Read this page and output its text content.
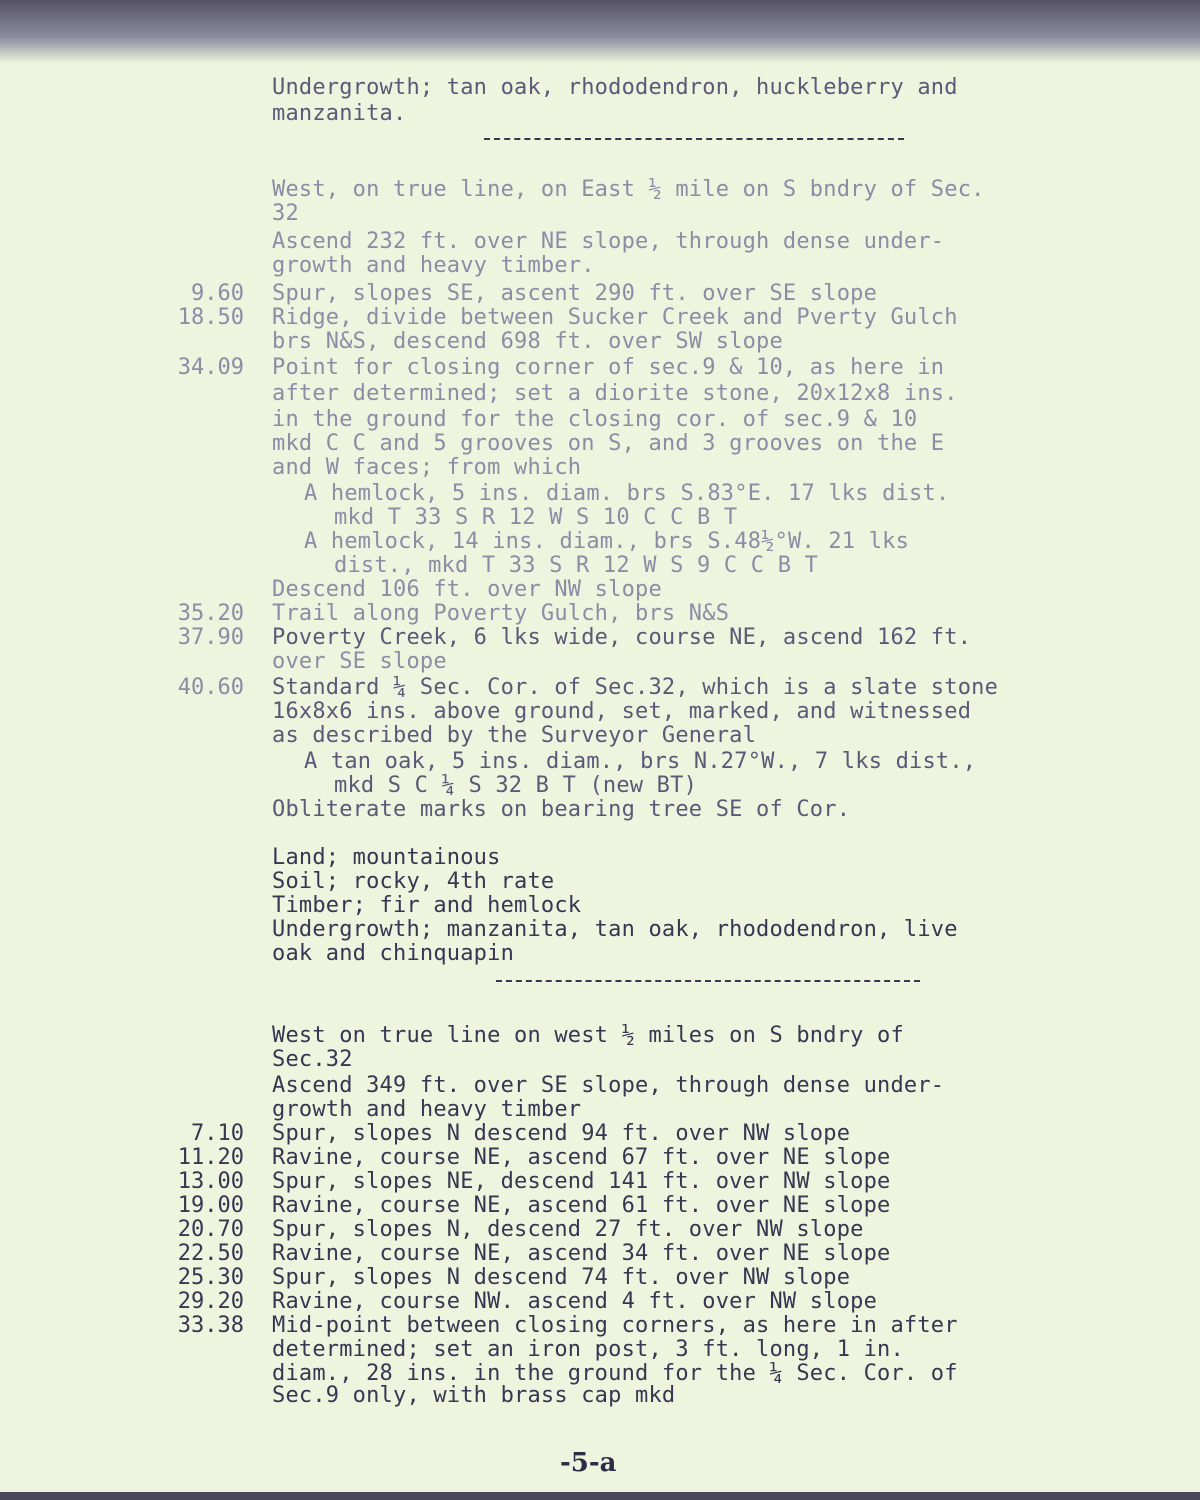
Undergrowth; tan oak, rhododendron, huckleberry and
manzanita.
West, on true line, on East ½ mile on S bndry of Sec.
32
Ascend 232 ft. over NE slope, through dense under-
growth and heavy timber.
9.60 Spur, slopes SE, ascent 290 ft. over SE slope
18.50 Ridge, divide between Sucker Creek and Pverty Gulch
brs N&S, descend 698 ft. over SW slope
34.09 Point for closing corner of sec.9 & 10, as here in
after determined; set a diorite stone, 20x12x8 ins.
in the ground for the closing cor. of sec.9 & 10
mkd C C and 5 grooves on S, and 3 grooves on the E
and W faces; from which
A hemlock, 5 ins. diam. brs S.83°E. 17 lks dist.
mkd T 33 S R 12 W S 10 C C B T
A hemlock, 14 ins. diam., brs S.48½°W. 21 lks
dist., mkd T 33 S R 12 W S 9 C C B T
Descend 106 ft. over NW slope
35.20 Trail along Poverty Gulch, brs N&S
37.90 Poverty Creek, 6 lks wide, course NE, ascend 162 ft.
over SE slope
40.60 Standard ¼ Sec. Cor. of Sec.32, which is a slate stone
16x8x6 ins. above ground, set, marked, and witnessed
as described by the Surveyor General
A tan oak, 5 ins. diam., brs N.27°W., 7 lks dist.,
mkd S C ¼ S 32 B T (new BT)
Obliterate marks on bearing tree SE of Cor.
Land; mountainous
Soil; rocky, 4th rate
Timber; fir and hemlock
Undergrowth; manzanita, tan oak, rhododendron, live
oak and chinquapin
West on true line on west ½ miles on S bndry of
Sec.32
Ascend 349 ft. over SE slope, through dense under-
growth and heavy timber
7.10 Spur, slopes N descend 94 ft. over NW slope
11.20 Ravine, course NE, ascend 67 ft. over NE slope
13.00 Spur, slopes NE, descend 141 ft. over NW slope
19.00 Ravine, course NE, ascend 61 ft. over NE slope
20.70 Spur, slopes N, descend 27 ft. over NW slope
22.50 Ravine, course NE, ascend 34 ft. over NE slope
25.30 Spur, slopes N descend 74 ft. over NW slope
29.20 Ravine, course NW. ascend 4 ft. over NW slope
33.38 Mid-point between closing corners, as here in after
determined; set an iron post, 3 ft. long, 1 in.
diam., 28 ins. in the ground for the ¼ Sec. Cor. of
Sec.9 only, with brass cap mkd
-5-a
